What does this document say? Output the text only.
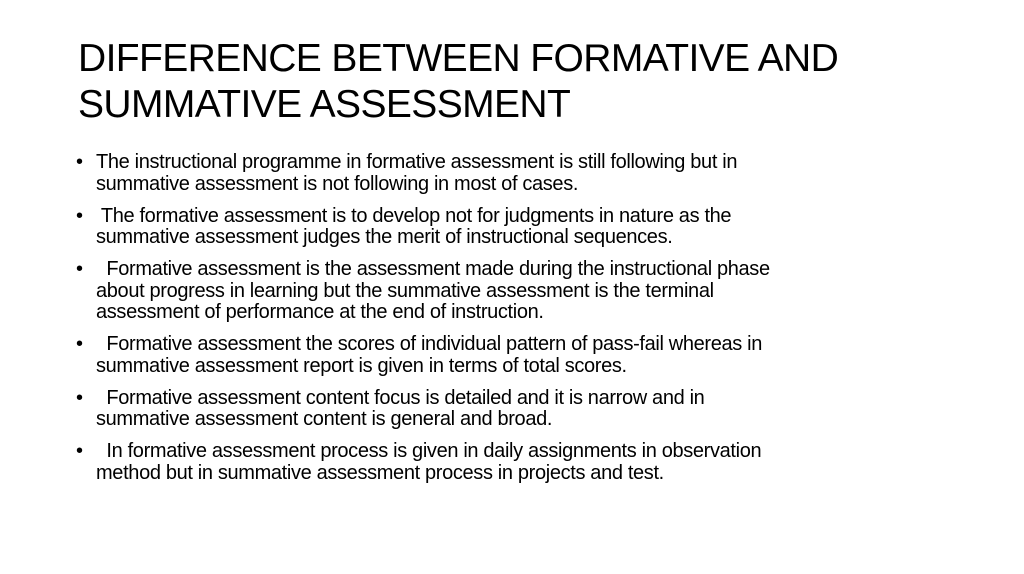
DIFFERENCE BETWEEN FORMATIVE AND
SUMMATIVE ASSESSMENT
• The instructional programme in formative assessment is still following but in
summative assessment is not following in most of cases.
• The formative assessment is to develop not for judgments in nature as the
summative assessment judges the merit of instructional sequences.
• Formative assessment is the assessment made during the instructional phase
about progress in learning but the summative assessment is the terminal
assessment of performance at the end of instruction.
• Formative assessment the scores of individual pattern of pass-fail whereas in
summative assessment report is given in terms of total scores.
• Formative assessment content focus is detailed and it is narrow and in
summative assessment content is general and broad.
• In formative assessment process is given in daily assignments in observation
method but in summative assessment process in projects and test.
